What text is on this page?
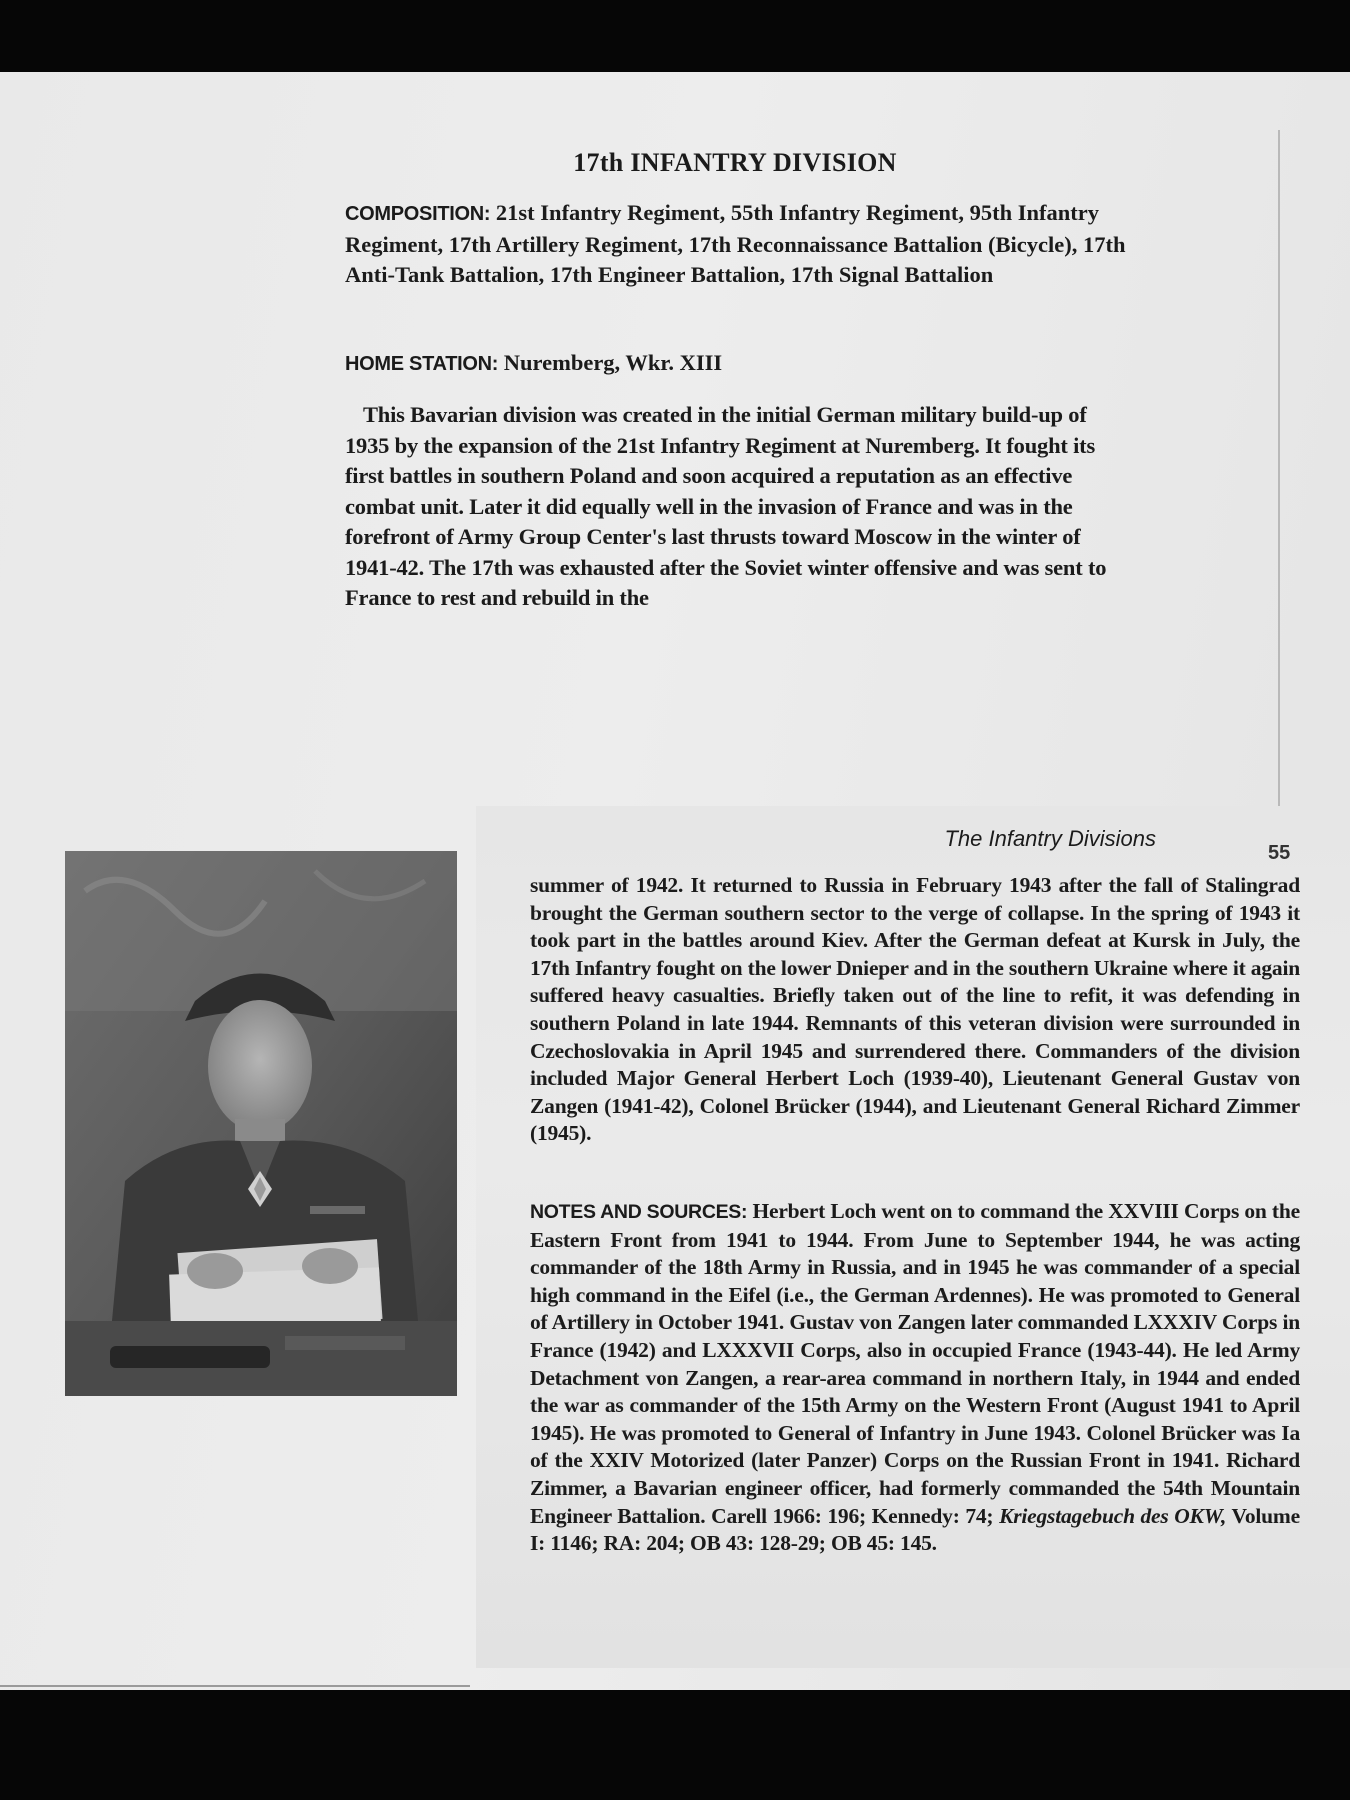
17th INFANTRY DIVISION
COMPOSITION: 21st Infantry Regiment, 55th Infantry Regiment, 95th Infantry Regiment, 17th Artillery Regiment, 17th Reconnaissance Battalion (Bicycle), 17th Anti-Tank Battalion, 17th Engineer Battalion, 17th Signal Battalion
HOME STATION: Nuremberg, Wkr. XIII
This Bavarian division was created in the initial German military build-up of 1935 by the expansion of the 21st Infantry Regiment at Nuremberg. It fought its first battles in southern Poland and soon acquired a reputation as an effective combat unit. Later it did equally well in the invasion of France and was in the forefront of Army Group Center's last thrusts toward Moscow in the winter of 1941-42. The 17th was exhausted after the Soviet winter offensive and was sent to France to rest and rebuild in the
The Infantry Divisions
55
summer of 1942. It returned to Russia in February 1943 after the fall of Stalingrad brought the German southern sector to the verge of collapse. In the spring of 1943 it took part in the battles around Kiev. After the German defeat at Kursk in July, the 17th Infantry fought on the lower Dnieper and in the southern Ukraine where it again suffered heavy casualties. Briefly taken out of the line to refit, it was defending in southern Poland in late 1944. Remnants of this veteran division were surrounded in Czechoslovakia in April 1945 and surrendered there. Commanders of the division included Major General Herbert Loch (1939-40), Lieutenant General Gustav von Zangen (1941-42), Colonel Brücker (1944), and Lieutenant General Richard Zimmer (1945).
NOTES AND SOURCES: Herbert Loch went on to command the XXVIII Corps on the Eastern Front from 1941 to 1944. From June to September 1944, he was acting commander of the 18th Army in Russia, and in 1945 he was commander of a special high command in the Eifel (i.e., the German Ardennes). He was promoted to General of Artillery in October 1941. Gustav von Zangen later commanded LXXXIV Corps in France (1942) and LXXXVII Corps, also in occupied France (1943-44). He led Army Detachment von Zangen, a rear-area command in northern Italy, in 1944 and ended the war as commander of the 15th Army on the Western Front (August 1941 to April 1945). He was promoted to General of Infantry in June 1943. Colonel Brücker was Ia of the XXIV Motorized (later Panzer) Corps on the Russian Front in 1941. Richard Zimmer, a Bavarian engineer officer, had formerly commanded the 54th Mountain Engineer Battalion. Carell 1966: 196; Kennedy: 74; Kriegstagebuch des OKW, Volume I: 1146; RA: 204; OB 43: 128-29; OB 45: 145.
